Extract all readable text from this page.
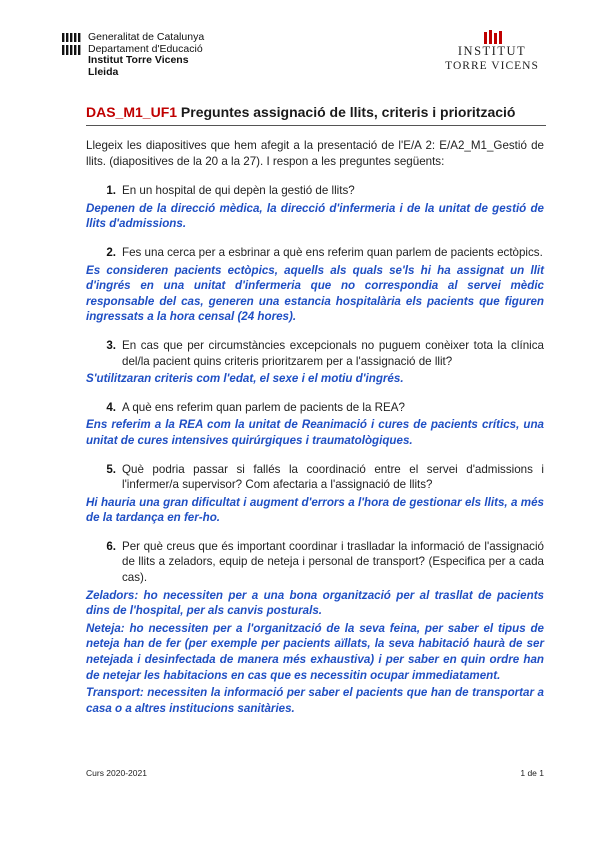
Generalitat de Catalunya
Departament d'Educació
Institut Torre Vicens
Lleida
INSTITUT
TORRE VICENS
DAS_M1_UF1 Preguntes assignació de llits, criteris i priorització

Llegeix les diapositives que hem afegit a la presentació de l'E/A 2: E/A2_M1_Gestió de llits. (diapositives de la 20 a la 27). I respon a les preguntes següents:

1. En un hospital de qui depèn la gestió de llits?
Depenen de la direcció mèdica, la direcció d'infermeria i de la unitat de gestió de llits d'admissions.
2. Fes una cerca per a esbrinar a què ens referim quan parlem de pacients ectòpics.
Es consideren pacients ectòpics, aquells als quals se'ls hi ha assignat un llit d'ingrés en una unitat d'infermeria que no correspondia al servei mèdic responsable del cas, generen una estancia hospitalària els pacients que figuren ingressats a la hora censal (24 hores).
3. En cas que per circumstàncies excepcionals no puguem conèixer tota la clínica del/la pacient quins criteris prioritzarem per a l'assignació de llit?
S'utilitzaran criteris com l'edat, el sexe i el motiu d'ingrés.
4. A què ens referim quan parlem de pacients de la REA?
Ens referim a la REA com la unitat de Reanimació i cures de pacients crítics, una unitat de cures intensives quirúrgiques i traumatològiques.
5. Què podria passar si fallés la coordinació entre el servei d'admissions i l'infermer/a supervisor? Com afectaria a l'assignació de llits?
Hi hauria una gran dificultat i augment d'errors a l'hora de gestionar els llits, a més de la tardança en fer-ho.
6. Per què creus que és important coordinar i traslladar la informació de l'assignació de llits a zeladors, equip de neteja i personal de transport? (Especifica per a cada cas).
Zeladors: ho necessiten per a una bona organització per al trasllat de pacients dins de l'hospital, per als canvis posturals.
Neteja: ho necessiten per a l'organització de la seva feina, per saber el tipus de neteja han de fer (per exemple per pacients aïllats, la seva habitació haurà de ser netejada i desinfectada de manera més exhaustiva) i per saber en quin ordre han de netejar les habitacions en cas que es necessitin ocupar immediatament.
Transport: necessiten la informació per saber el pacients que han de transportar a casa o a altres institucions sanitàries.
Curs 2020-2021	1 de 1
